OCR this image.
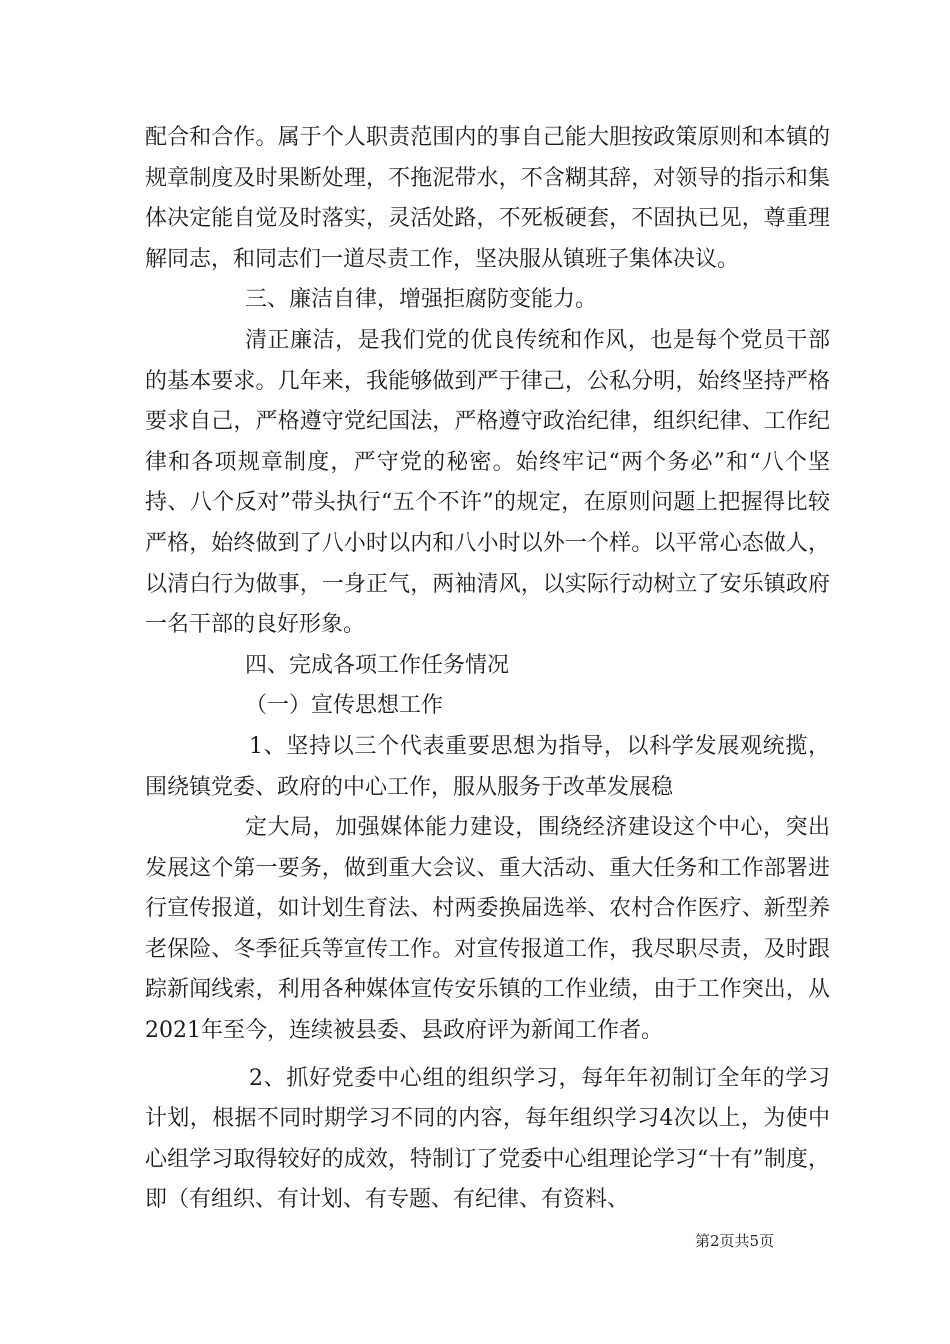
配合和合作。属于个人职责范围内的事自己能大胆按政策原则和本镇的规章制度及时果断处理，不拖泥带水，不含糊其辞，对领导的指示和集体决定能自觉及时落实，灵活处路，不死板硬套，不固执已见，尊重理解同志，和同志们一道尽责工作，坚决服从镇班子集体决议。

三、廉洁自律，增强拒腐防变能力。

清正廉洁，是我们党的优良传统和作风，也是每个党员干部的基本要求。几年来，我能够做到严于律己，公私分明，始终坚持严格要求自己，严格遵守党纪国法，严格遵守政治纪律，组织纪律、工作纪律和各项规章制度，严守党的秘密。始终牢记“两个务必”和“八个坚持、八个反对”带头执行“五个不许”的规定，在原则问题上把握得比较严格，始终做到了八小时以内和八小时以外一个样。以平常心态做人，以清白行为做事，一身正气，两袖清风，以实际行动树立了安乐镇政府一名干部的良好形象。

四、完成各项工作任务情况

（一）宣传思想工作

1、坚持以三个代表重要思想为指导，以科学发展观统揽，围绕镇党委、政府的中心工作，服从服务于改革发展稳

定大局，加强媒体能力建设，围绕经济建设这个中心，突出发展这个第一要务，做到重大会议、重大活动、重大任务和工作部署进行宣传报道，如计划生育法、村两委换届选举、农村合作医疗、新型养老保险、冬季征兵等宣传工作。对宣传报道工作，我尽职尽责，及时跟踪新闻线索，利用各种媒体宣传安乐镇的工作业绩，由于工作突出，从2021年至今，连续被县委、县政府评为新闻工作者。

2、抓好党委中心组的组织学习，每年年初制订全年的学习计划，根据不同时期学习不同的内容，每年组织学习4次以上，为使中心组学习取得较好的成效，特制订了党委中心组理论学习“十有”制度，即（有组织、有计划、有专题、有纪律、有资料、

第2页共5页
